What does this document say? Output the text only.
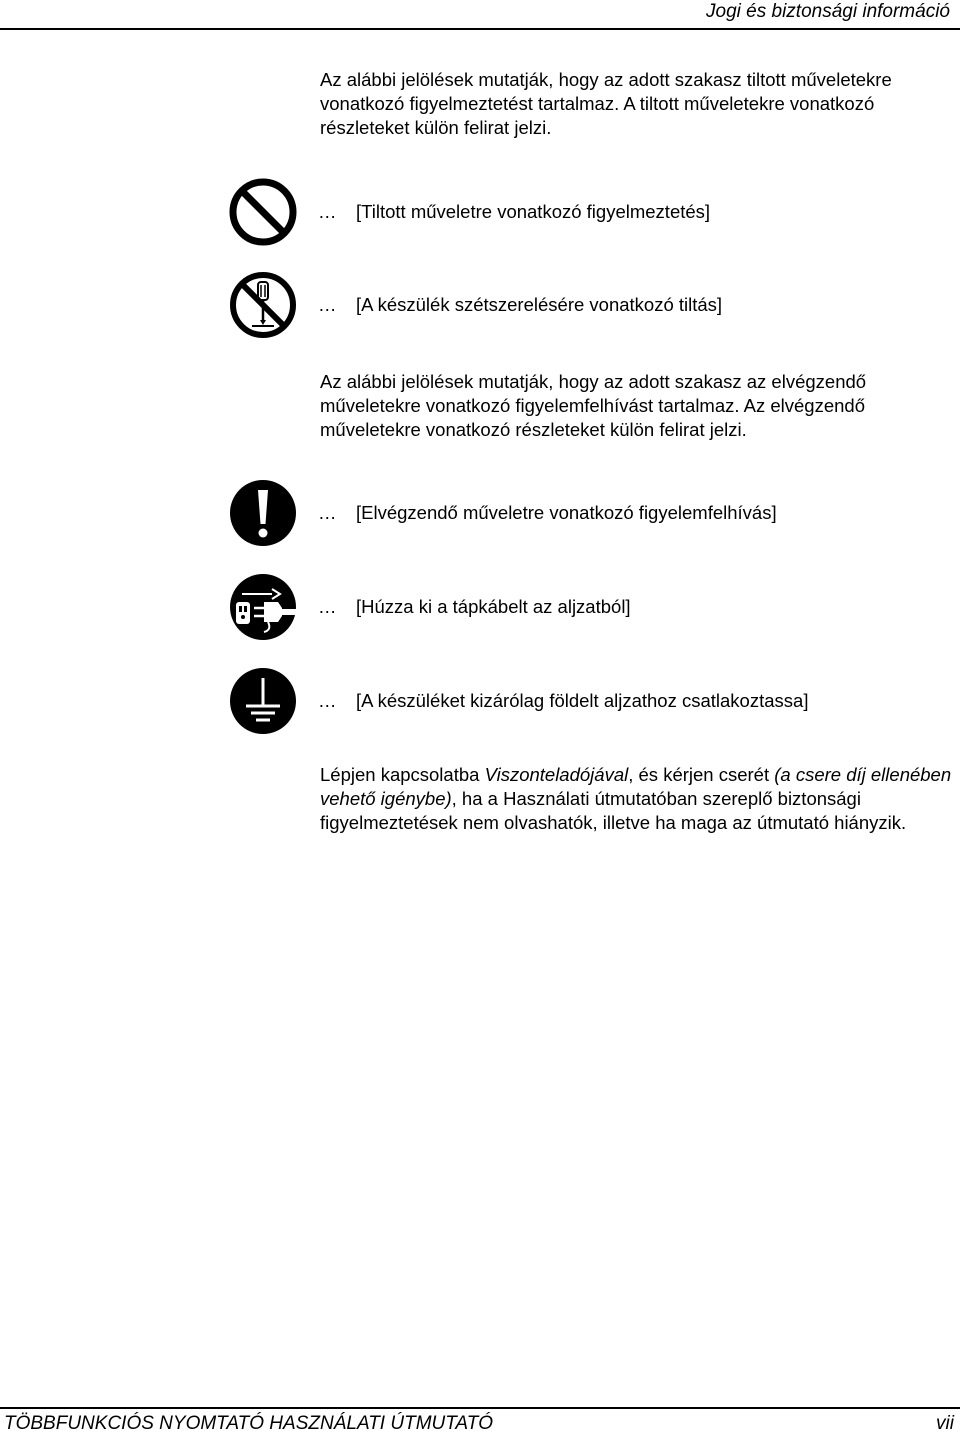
Jogi és biztonsági információ

Az alábbi jelölések mutatják, hogy az adott szakasz tiltott műveletekre vonatkozó figyelmeztetést tartalmaz. A tiltott műveletekre vonatkozó részleteket külön felirat jelzi.

… [Tiltott műveletre vonatkozó figyelmeztetés]
… [A készülék szétszerelésére vonatkozó tiltás]

Az alábbi jelölések mutatják, hogy az adott szakasz az elvégzendő műveletekre vonatkozó figyelemfelhívást tartalmaz. Az elvégzendő műveletekre vonatkozó részleteket külön felirat jelzi.

… [Elvégzendő műveletre vonatkozó figyelemfelhívás]
… [Húzza ki a tápkábelt az aljzatból]
… [A készüléket kizárólag földelt aljzathoz csatlakoztassa]

Lépjen kapcsolatba Viszonteladójával, és kérjen cserét (a csere díj ellenében vehető igénybe), ha a Használati útmutatóban szereplő biztonsági figyelmeztetések nem olvashatók, illetve ha maga az útmutató hiányzik.

TÖBBFUNKCIÓS NYOMTATÓ HASZNÁLATI ÚTMUTATÓ	vii
